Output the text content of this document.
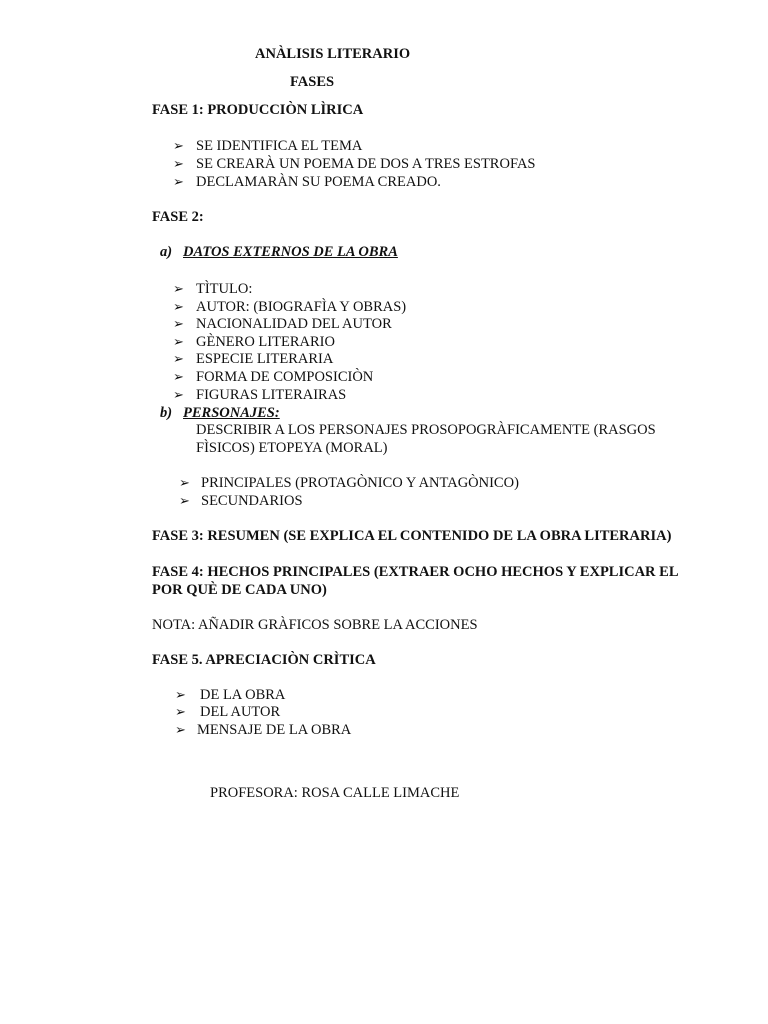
ANÀLISIS LITERARIO
FASES
FASE 1: PRODUCCIÒN LÌRICA
➢ SE IDENTIFICA EL TEMA
➢ SE CREARÀ UN POEMA DE DOS A TRES ESTROFAS
➢ DECLAMARÀN SU POEMA CREADO.
FASE 2:
a) DATOS EXTERNOS DE LA OBRA
➢ TÌTULO:
➢ AUTOR: (BIOGRAFÌA Y OBRAS)
➢ NACIONALIDAD DEL AUTOR
➢ GÈNERO LITERARIO
➢ ESPECIE LITERARIA
➢ FORMA DE COMPOSICIÒN
➢ FIGURAS LITERAIRAS
b) PERSONAJES:
DESCRIBIR A LOS PERSONAJES PROSOPOGRÀFICAMENTE (RASGOS
FÌSICOS) ETOPEYA (MORAL)
➢ PRINCIPALES (PROTAGÒNICO Y ANTAGÒNICO)
➢ SECUNDARIOS
FASE 3: RESUMEN (SE EXPLICA EL CONTENIDO DE LA OBRA LITERARIA)
FASE 4: HECHOS PRINCIPALES (EXTRAER OCHO HECHOS Y EXPLICAR EL
POR QUÈ DE CADA UNO)
NOTA: AÑADIR GRÀFICOS SOBRE LA ACCIONES
FASE 5. APRECIACIÒN CRÌTICA
➢ DE LA OBRA
➢ DEL AUTOR
➢ MENSAJE DE LA OBRA
PROFESORA: ROSA CALLE LIMACHE
